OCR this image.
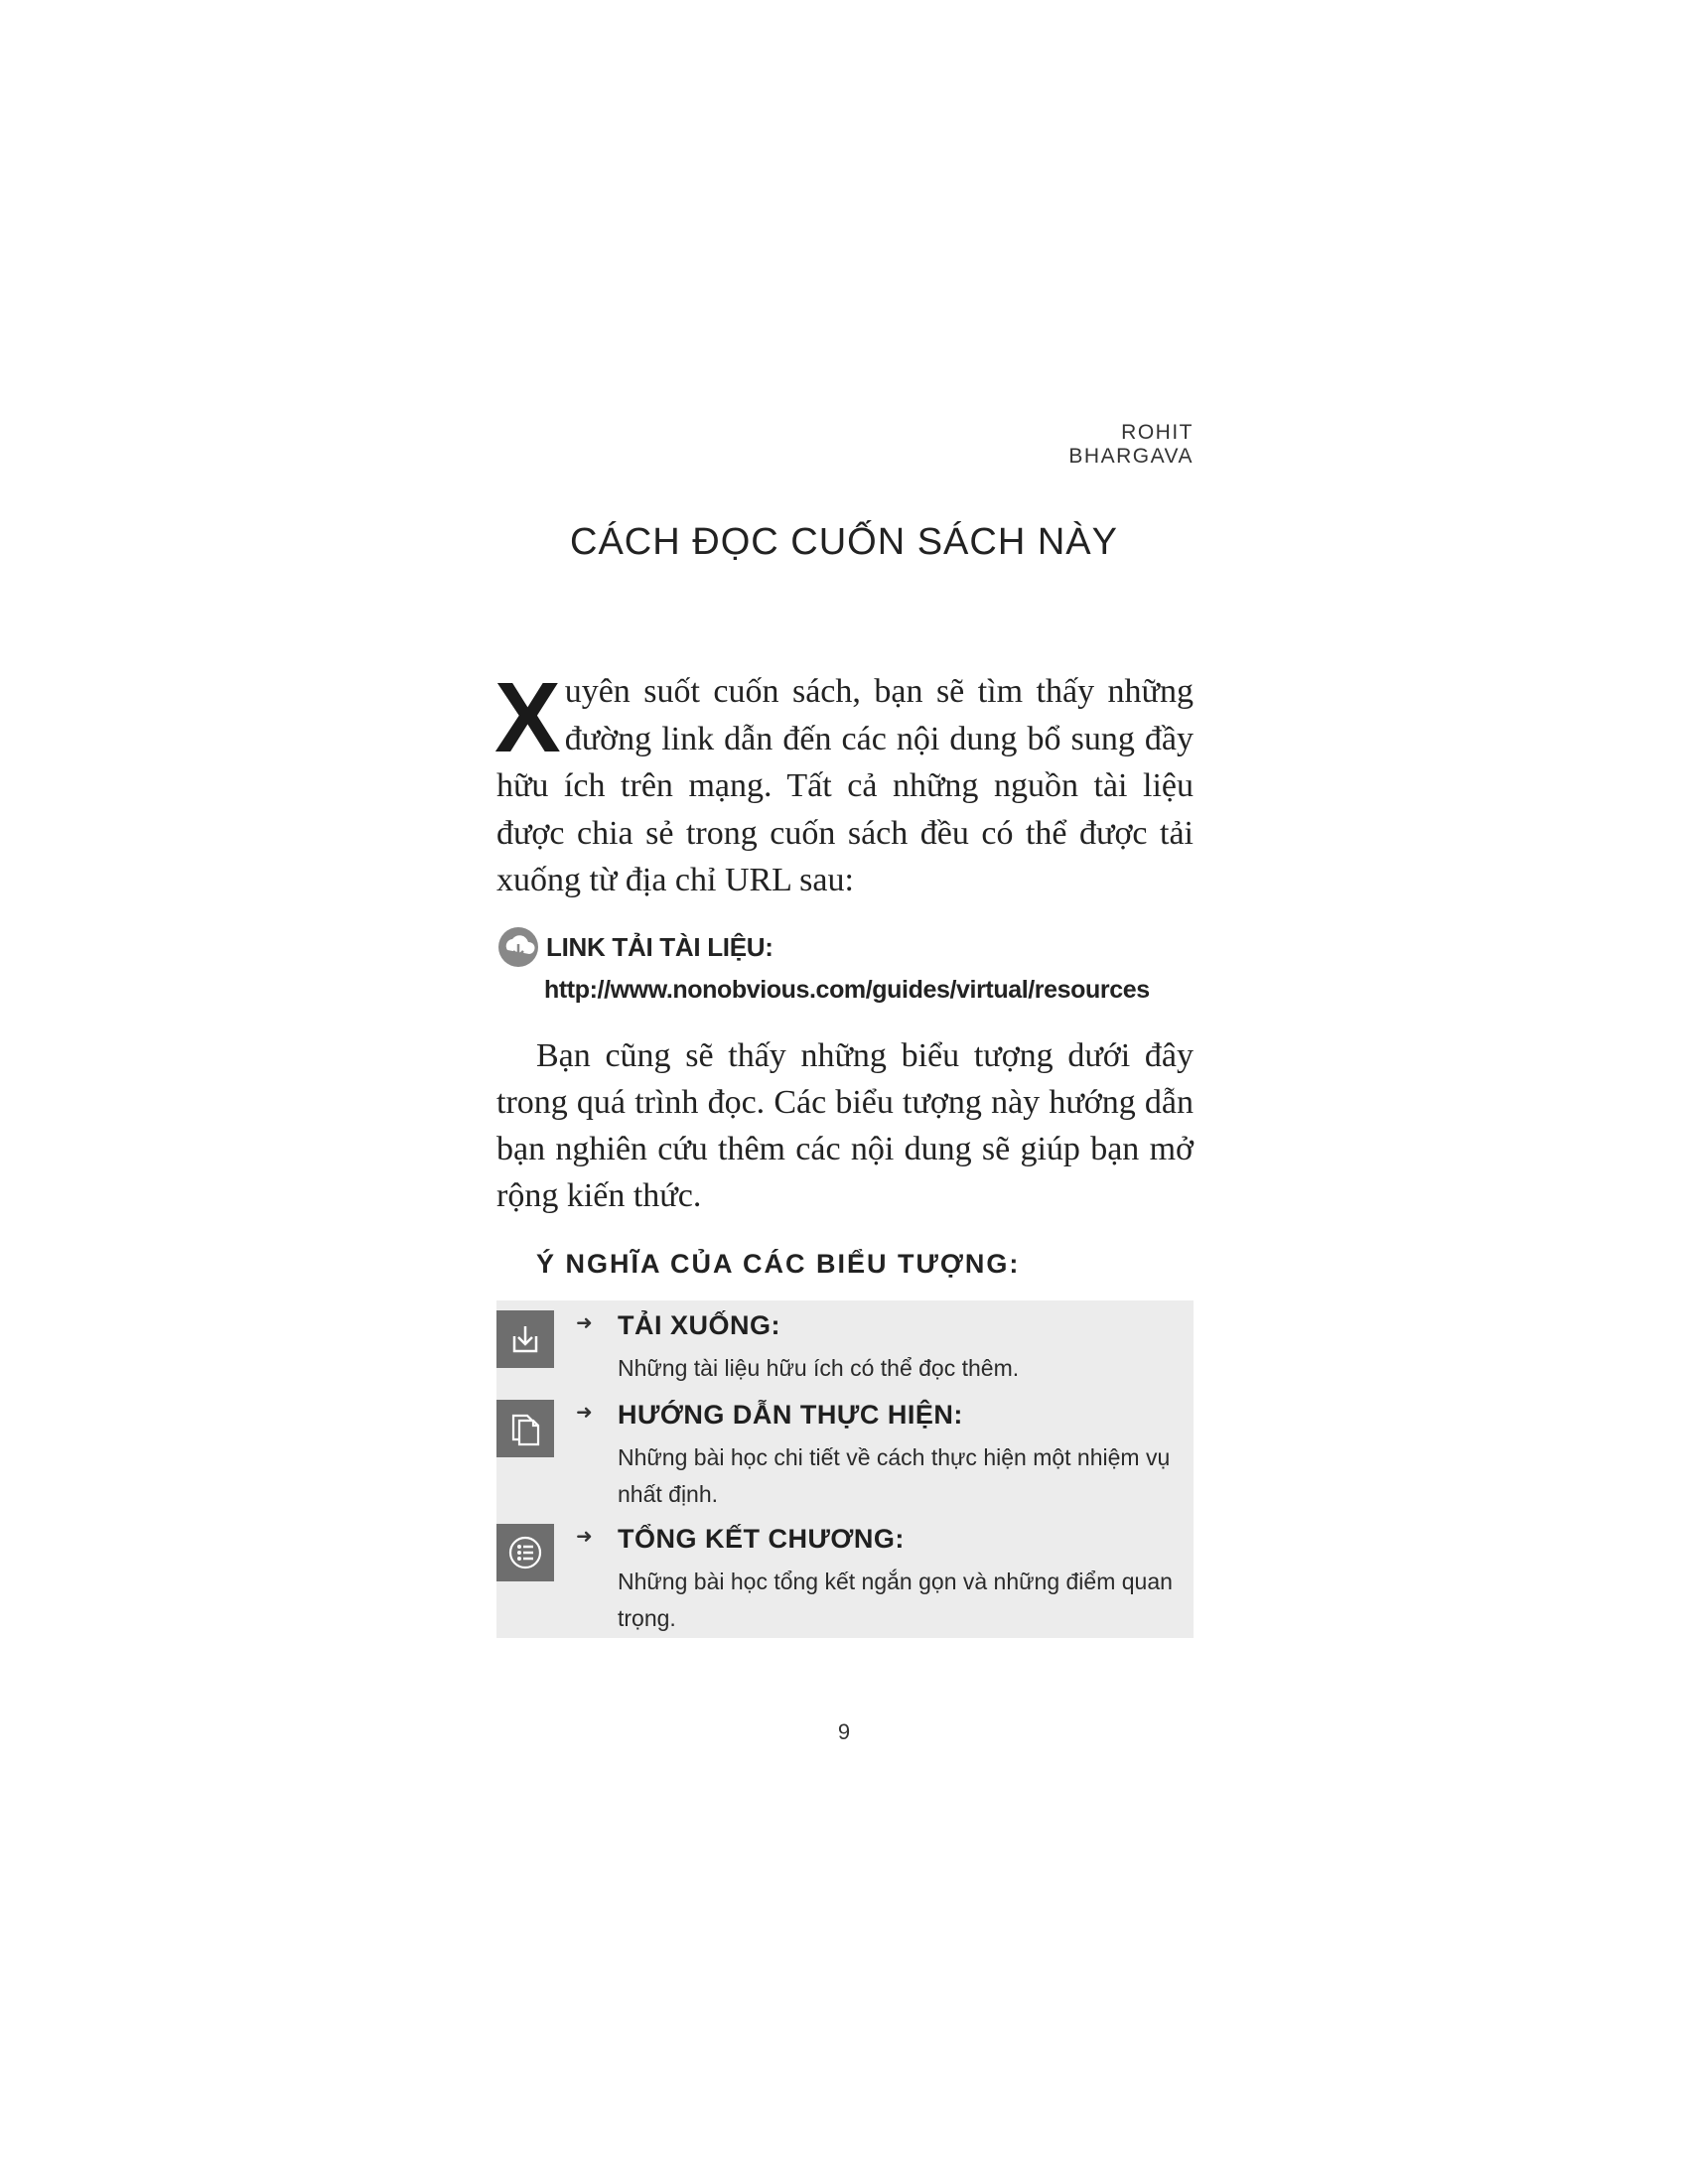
ROHIT BHARGAVA
CÁCH ĐỌC CUỐN SÁCH NÀY

Xuyên suốt cuốn sách, bạn sẽ tìm thấy những đường link dẫn đến các nội dung bổ sung đầy hữu ích trên mạng. Tất cả những nguồn tài liệu được chia sẻ trong cuốn sách đều có thể được tải xuống từ địa chỉ URL sau:

LINK TẢI TÀI LIỆU:
http://www.nonobvious.com/guides/virtual/resources

Bạn cũng sẽ thấy những biểu tượng dưới đây trong quá trình đọc. Các biểu tượng này hướng dẫn bạn nghiên cứu thêm các nội dung sẽ giúp bạn mở rộng kiến thức.

Ý NGHĨA CỦA CÁC BIỂU TƯỢNG:
➜ TẢI XUỐNG:

Những tài liệu hữu ích có thể đọc thêm.

➜ HƯỚNG DẪN THỰC HIỆN:

Những bài học chi tiết về cách thực hiện một nhiệm vụ nhất định.

➜ TỔNG KẾT CHƯƠNG:

Những bài học tổng kết ngắn gọn và những điểm quan trọng.

9
